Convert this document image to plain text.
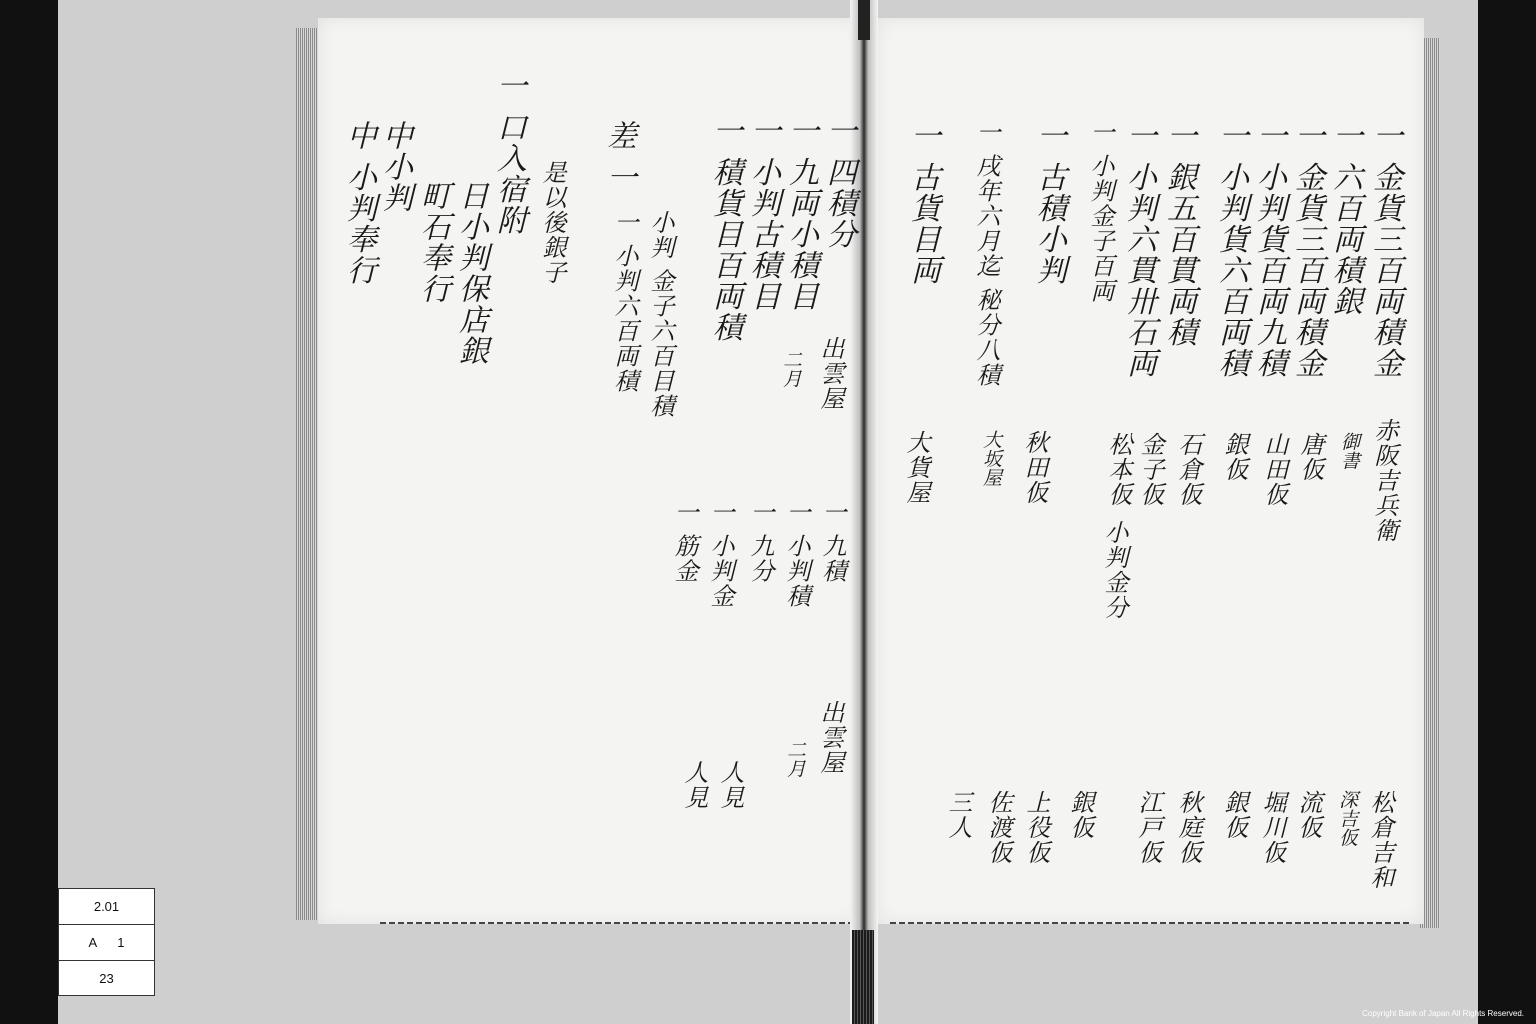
一 金貨三百両積金
一 六百両積銀
一 金貨三百両積金
一 小判貨百両九積
一 小判貨六百両積
一 銀五百貫両積
一 小判六貫卅石両
一 小判金子百両
一 古積小判
一 戌年六月迄 秘分八積
一 古貨目両
赤阪吉兵衛
御書
唐仮
山田仮
銀仮
石倉仮
金子仮
松本仮
小判金分
秋田仮
大坂屋
大貨屋
松倉吉和
深吉仮
流仮
堀川仮
銀仮
秋庭仮
江戸仮
銀仮
上役仮
佐渡仮
三人
一 四積分
一 九両小積目
一 小判古積目
一 積貨目百両積
小判 金子六百目積
一 小判六百両積
差 一
是以後銀子
一 口入宿附
日小判保店銀
町石奉行
中小判
中 小判奉行
出雲屋
二月
一 九積
一 小判積
一 九分
一 小判金
一 筋金
出雲屋
二月
人見
人見
2.01
A 1
23
Copyright Bank of Japan All Rights Reserved.
